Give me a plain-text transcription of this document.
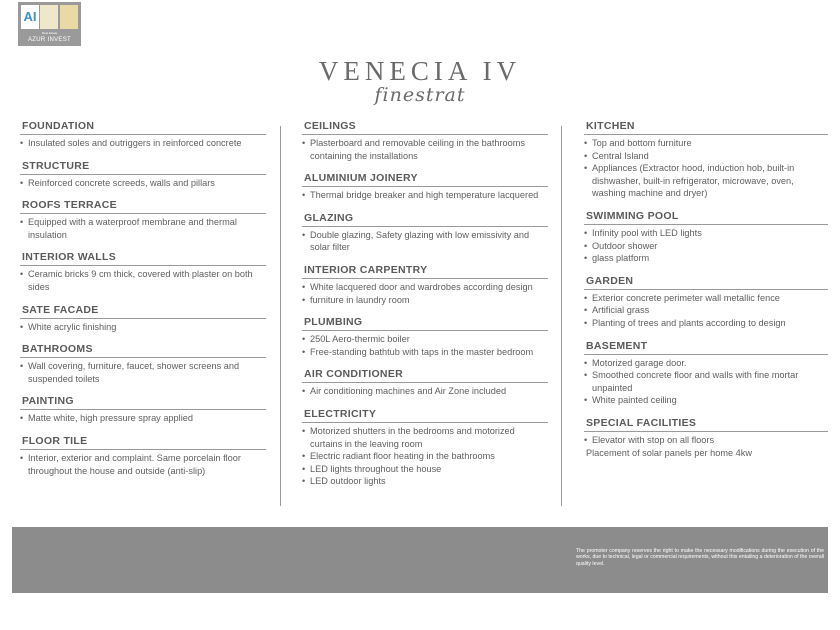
AI
Real Estate
AZUR INVEST
VENECIA IV
finestrat
FOUNDATION
• Insulated soles and outriggers in reinforced concrete
STRUCTURE
• Reinforced concrete screeds, walls and pillars
ROOFS TERRACE
• Equipped with a waterproof membrane and thermal insulation
INTERIOR WALLS
• Ceramic bricks 9 cm thick, covered with plaster on both sides
SATE FACADE
• White acrylic finishing
BATHROOMS
• Wall covering, furniture, faucet, shower screens and suspended toilets
PAINTING
• Matte white, high pressure spray applied
FLOOR TILE
• Interior, exterior and complaint. Same porcelain floor throughout the house and outside (anti-slip)
CEILINGS
• Plasterboard and removable ceiling in the bathrooms containing the installations
ALUMINIUM JOINERY
• Thermal bridge breaker and high temperature lacquered
GLAZING
• Double glazing, Safety glazing with low emissivity and solar filter
INTERIOR CARPENTRY
• White lacquered door and wardrobes according design
• furniture in laundry room
PLUMBING
• 250L Aero-thermic boiler
• Free-standing bathtub with taps in the master bedroom
AIR CONDITIONER
• Air conditioning machines and Air Zone included
ELECTRICITY
• Motorized shutters in the bedrooms and motorized curtains in the leaving room
• Electric radiant floor heating in the bathrooms
• LED lights throughout the house
• LED outdoor lights
KITCHEN
• Top and bottom furniture
• Central Island
• Appliances (Extractor hood, induction hob, built-in dishwasher, built-in refrigerator, microwave, oven, washing machine and dryer)
SWIMMING POOL
• Infinity pool with LED lights
• Outdoor shower
• glass platform
GARDEN
• Exterior concrete perimeter wall metallic fence
• Artificial grass
• Planting of trees and plants according to design
BASEMENT
• Motorized garage door.
• Smoothed concrete floor and walls with fine mortar unpainted
• White painted ceiling
SPECIAL FACILITIES
• Elevator with stop on all floors
Placement of solar panels per home 4kw
The promoter company reserves the right to make the necessary modifications during the execution of the works, due to technical, legal or commercial requirements, without this entailing a deterioration of the overall quality level.
